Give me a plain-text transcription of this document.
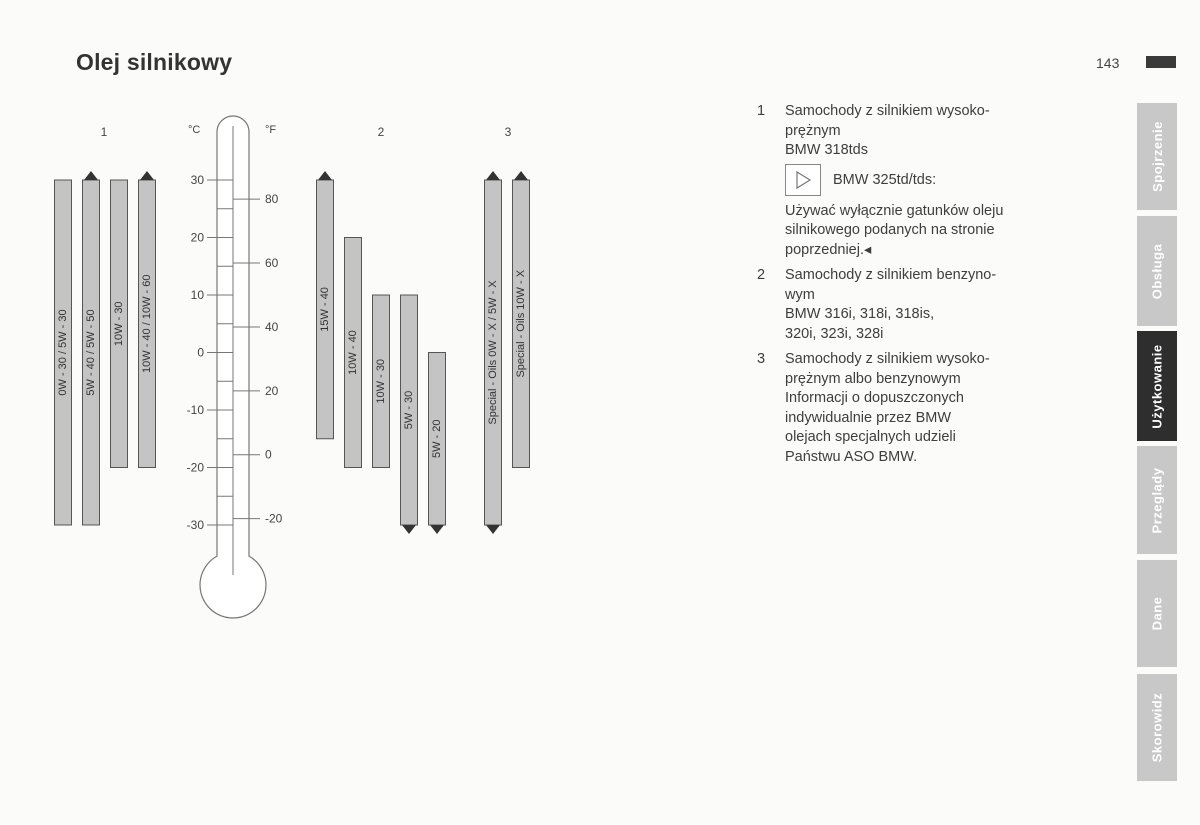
Olej silnikowy	143
°C	°F
30
20
10
0
-10
-20
-30
80
60
40
20
0
-20
1	2	3
0W - 30 / 5W - 30 5W - 40 / 5W - 50 10W - 30 10W - 40 / 10W - 60	15W - 40
10W - 40
10W - 30
5W - 30
5W - 20
Special - Oils 0W - X / 5W - X Special - Oils 10W - X
1 Samochody z silnikiem wysoko-
prężnym
BMW 318tds

BMW 325td/tds:

Używać wyłącznie gatunków oleju
silnikowego podanych na stronie
poprzedniej.◂

2 Samochody z silnikiem benzyno-
wym
BMW 316i, 318i, 318is,
320i, 323i, 328i

3 Samochody z silnikiem wysoko-
prężnym albo benzynowym
Informacji o dopuszczonych
indywidualnie przez BMW
olejach specjalnych udzieli
Państwu ASO BMW.

Spojrzenie
Obsługa
Użytkowanie
Przeglądy
Dane
Skorowidz
